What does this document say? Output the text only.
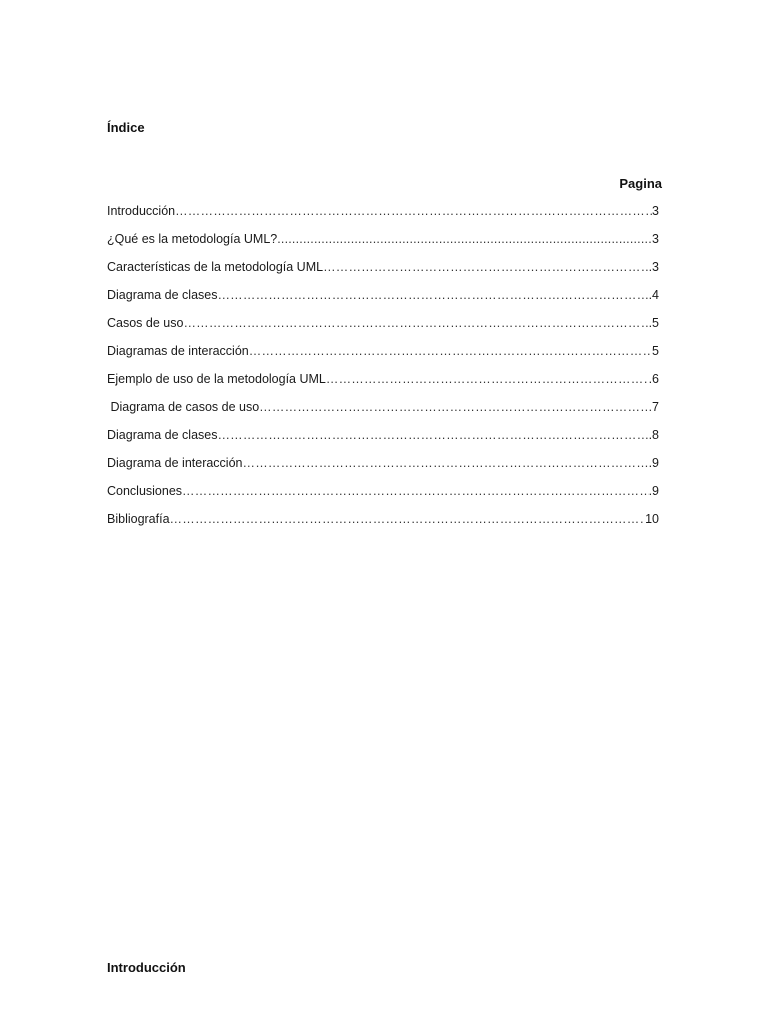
Índice
Pagina
Introducción …………………………………………………………………………………………………………………………………………………………………………………………………………………………………………………	3
¿Qué es la metodología UML? .....	3
Características de la metodología UML …………………………………………………………………………………………………………………………………………………………………………………………………………………………………………………	.3
Diagrama de clases …………………………………………………………………………………………………………………………………………………………………………………………………………………………………………………	.4
Casos de uso …………………………………………………………………………………………………………………………………………………………………………………………………………………………………………………	.5
Diagramas de interacción …………………………………………………………………………………………………………………………………………………………………………………………………………………………………………………	5
Ejemplo de uso de la metodología UML …………………………………………………………………………………………………………………………………………………………………………………………………………………………………………………	.6
Diagrama de casos de uso …………………………………………………………………………………………………………………………………………………………………………………………………………………………………………………	7
Diagrama de clases …………………………………………………………………………………………………………………………………………………………………………………………………………………………………………………	.8
Diagrama de interacción …………………………………………………………………………………………………………………………………………………………………………………………………………………………………………………	.9
Conclusiones …………………………………………………………………………………………………………………………………………………………………………………………………………………………………………………	.9
Bibliografía …………………………………………………………………………………………………………………………………………………………………………………………………………………………………………………	10
Introducción
